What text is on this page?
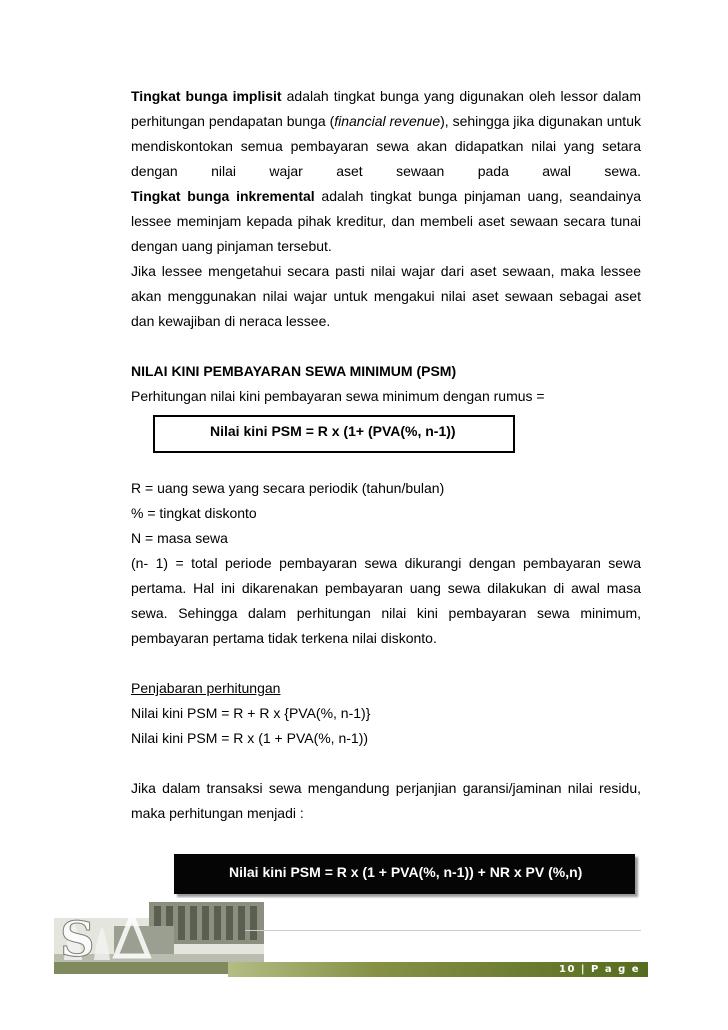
Tingkat bunga implisit adalah tingkat bunga yang digunakan oleh lessor dalam perhitungan pendapatan bunga (financial revenue), sehingga jika digunakan untuk mendiskontokan semua pembayaran sewa akan didapatkan nilai yang setara dengan nilai wajar aset sewaan pada awal sewa.

Tingkat bunga inkremental adalah tingkat bunga pinjaman uang, seandainya lessee meminjam kepada pihak kreditur, dan membeli aset sewaan secara tunai dengan uang pinjaman tersebut.

Jika lessee mengetahui secara pasti nilai wajar dari aset sewaan, maka lessee akan menggunakan nilai wajar untuk mengakui nilai aset sewaan sebagai aset dan kewajiban di neraca lessee.

NILAI KINI PEMBAYARAN SEWA MINIMUM (PSM)

Perhitungan nilai kini pembayaran sewa minimum dengan rumus =

Nilai kini PSM = R x (1+ (PVA(%, n-1))

R = uang sewa yang secara periodik (tahun/bulan)

% = tingkat diskonto

N = masa sewa

(n- 1) = total periode pembayaran sewa dikurangi dengan pembayaran sewa pertama. Hal ini dikarenakan pembayaran uang sewa dilakukan di awal masa sewa. Sehingga dalam perhitungan nilai kini pembayaran sewa minimum, pembayaran pertama tidak terkena nilai diskonto.

Penjabaran perhitungan

Nilai kini PSM = R + R x {PVA(%, n-1)}

Nilai kini PSM = R x (1 + PVA(%, n-1))

Jika dalam transaksi sewa mengandung perjanjian garansi/jaminan nilai residu, maka perhitungan menjadi :

Nilai kini PSM = R x (1 + PVA(%, n-1)) + NR x PV (%,n)
S
10 | P a g e
